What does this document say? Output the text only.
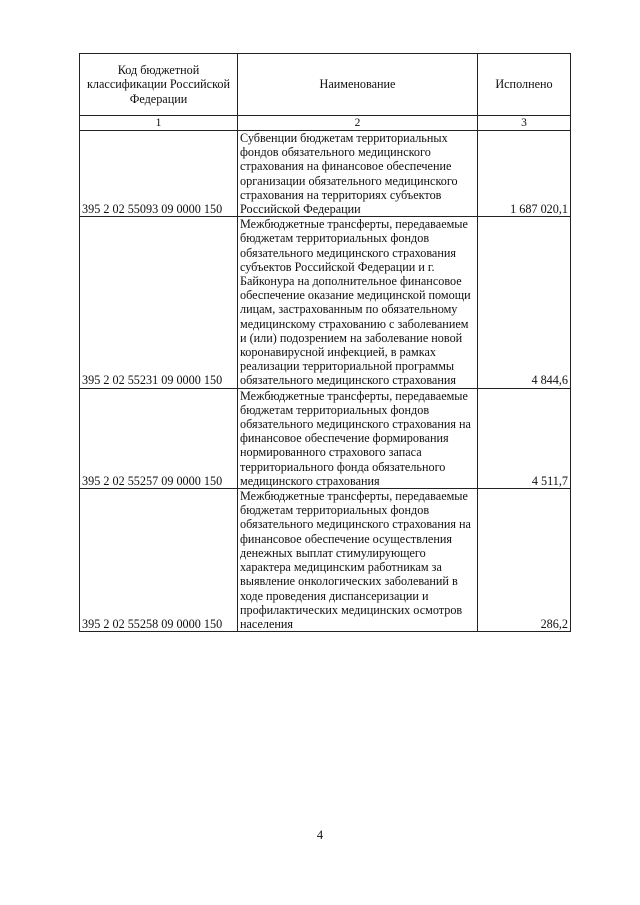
Код бюджетной классификации Российской Федерации	Наименование	Исполнено
1	2	3
395 2 02 55093 09 0000 150	Субвенции бюджетам территориальных фондов обязательного медицинского страхования на финансовое обеспечение организации обязательного медицинского страхования на территориях субъектов Российской Федерации	1 687 020,1
395 2 02 55231 09 0000 150	Межбюджетные трансферты, передаваемые бюджетам территориальных фондов обязательного медицинского страхования субъектов Российской Федерации и г. Байконура на дополнительное финансовое обеспечение оказание медицинской помощи лицам, застрахованным по обязательному медицинскому страхованию с заболеванием и (или) подозрением на заболевание новой коронавирусной инфекцией, в рамках реализации территориальной программы обязательного медицинского страхования	4 844,6
395 2 02 55257 09 0000 150	Межбюджетные трансферты, передаваемые бюджетам территориальных фондов обязательного медицинского страхования на финансовое обеспечение формирования нормированного страхового запаса территориального фонда обязательного медицинского страхования	4 511,7
395 2 02 55258 09 0000 150	Межбюджетные трансферты, передаваемые бюджетам территориальных фондов обязательного медицинского страхования на финансовое обеспечение осуществления денежных выплат стимулирующего характера медицинским работникам за выявление онкологических заболеваний в ходе проведения диспансеризации и профилактических медицинских осмотров населения	286,2
4
